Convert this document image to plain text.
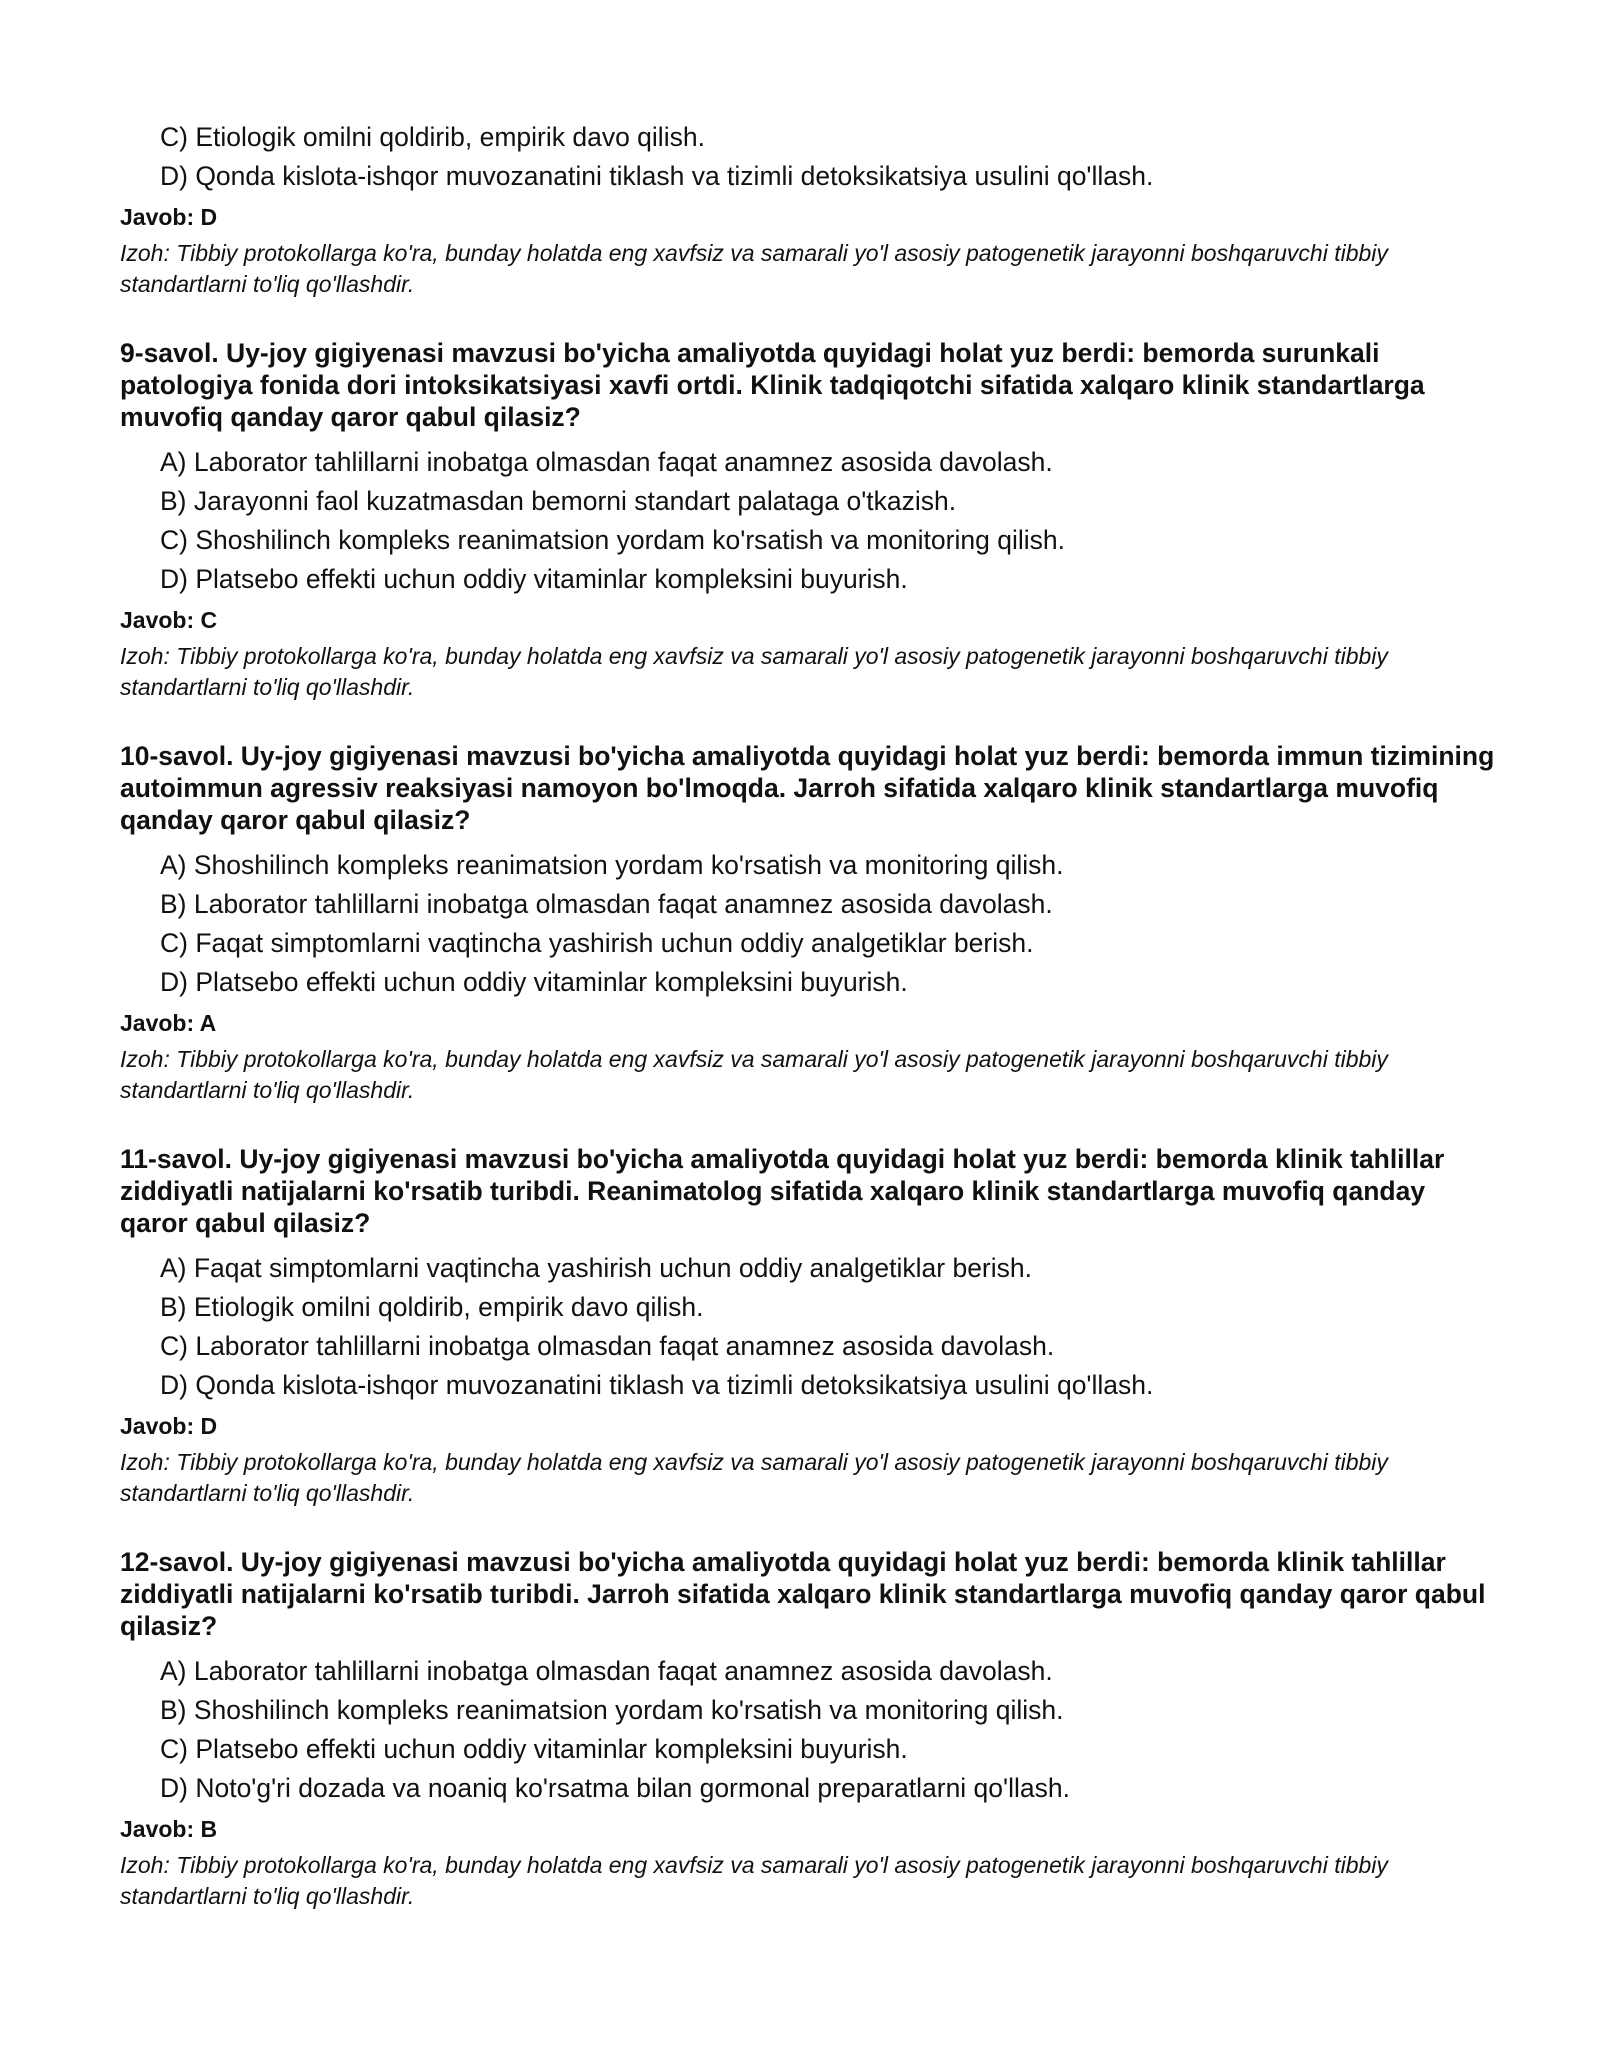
C) Etiologik omilni qoldirib, empirik davo qilish.
D) Qonda kislota-ishqor muvozanatini tiklash va tizimli detoksikatsiya usulini qo'llash.
Javob: D
Izoh: Tibbiy protokollarga ko'ra, bunday holatda eng xavfsiz va samarali yo'l asosiy patogenetik jarayonni boshqaruvchi tibbiy standartlarni to'liq qo'llashdir.
9-savol. Uy-joy gigiyenasi mavzusi bo'yicha amaliyotda quyidagi holat yuz berdi: bemorda surunkali patologiya fonida dori intoksikatsiyasi xavfi ortdi. Klinik tadqiqotchi sifatida xalqaro klinik standartlarga muvofiq qanday qaror qabul qilasiz?
A) Laborator tahlillarni inobatga olmasdan faqat anamnez asosida davolash.
B) Jarayonni faol kuzatmasdan bemorni standart palataga o'tkazish.
C) Shoshilinch kompleks reanimatsion yordam ko'rsatish va monitoring qilish.
D) Platsebo effekti uchun oddiy vitaminlar kompleksini buyurish.
Javob: C
Izoh: Tibbiy protokollarga ko'ra, bunday holatda eng xavfsiz va samarali yo'l asosiy patogenetik jarayonni boshqaruvchi tibbiy standartlarni to'liq qo'llashdir.
10-savol. Uy-joy gigiyenasi mavzusi bo'yicha amaliyotda quyidagi holat yuz berdi: bemorda immun tizimining autoimmun agressiv reaksiyasi namoyon bo'lmoqda. Jarroh sifatida xalqaro klinik standartlarga muvofiq qanday qaror qabul qilasiz?
A) Shoshilinch kompleks reanimatsion yordam ko'rsatish va monitoring qilish.
B) Laborator tahlillarni inobatga olmasdan faqat anamnez asosida davolash.
C) Faqat simptomlarni vaqtincha yashirish uchun oddiy analgetiklar berish.
D) Platsebo effekti uchun oddiy vitaminlar kompleksini buyurish.
Javob: A
Izoh: Tibbiy protokollarga ko'ra, bunday holatda eng xavfsiz va samarali yo'l asosiy patogenetik jarayonni boshqaruvchi tibbiy standartlarni to'liq qo'llashdir.
11-savol. Uy-joy gigiyenasi mavzusi bo'yicha amaliyotda quyidagi holat yuz berdi: bemorda klinik tahlillar ziddiyatli natijalarni ko'rsatib turibdi. Reanimatolog sifatida xalqaro klinik standartlarga muvofiq qanday qaror qabul qilasiz?
A) Faqat simptomlarni vaqtincha yashirish uchun oddiy analgetiklar berish.
B) Etiologik omilni qoldirib, empirik davo qilish.
C) Laborator tahlillarni inobatga olmasdan faqat anamnez asosida davolash.
D) Qonda kislota-ishqor muvozanatini tiklash va tizimli detoksikatsiya usulini qo'llash.
Javob: D
Izoh: Tibbiy protokollarga ko'ra, bunday holatda eng xavfsiz va samarali yo'l asosiy patogenetik jarayonni boshqaruvchi tibbiy standartlarni to'liq qo'llashdir.
12-savol. Uy-joy gigiyenasi mavzusi bo'yicha amaliyotda quyidagi holat yuz berdi: bemorda klinik tahlillar ziddiyatli natijalarni ko'rsatib turibdi. Jarroh sifatida xalqaro klinik standartlarga muvofiq qanday qaror qabul qilasiz?
A) Laborator tahlillarni inobatga olmasdan faqat anamnez asosida davolash.
B) Shoshilinch kompleks reanimatsion yordam ko'rsatish va monitoring qilish.
C) Platsebo effekti uchun oddiy vitaminlar kompleksini buyurish.
D) Noto'g'ri dozada va noaniq ko'rsatma bilan gormonal preparatlarni qo'llash.
Javob: B
Izoh: Tibbiy protokollarga ko'ra, bunday holatda eng xavfsiz va samarali yo'l asosiy patogenetik jarayonni boshqaruvchi tibbiy standartlarni to'liq qo'llashdir.
